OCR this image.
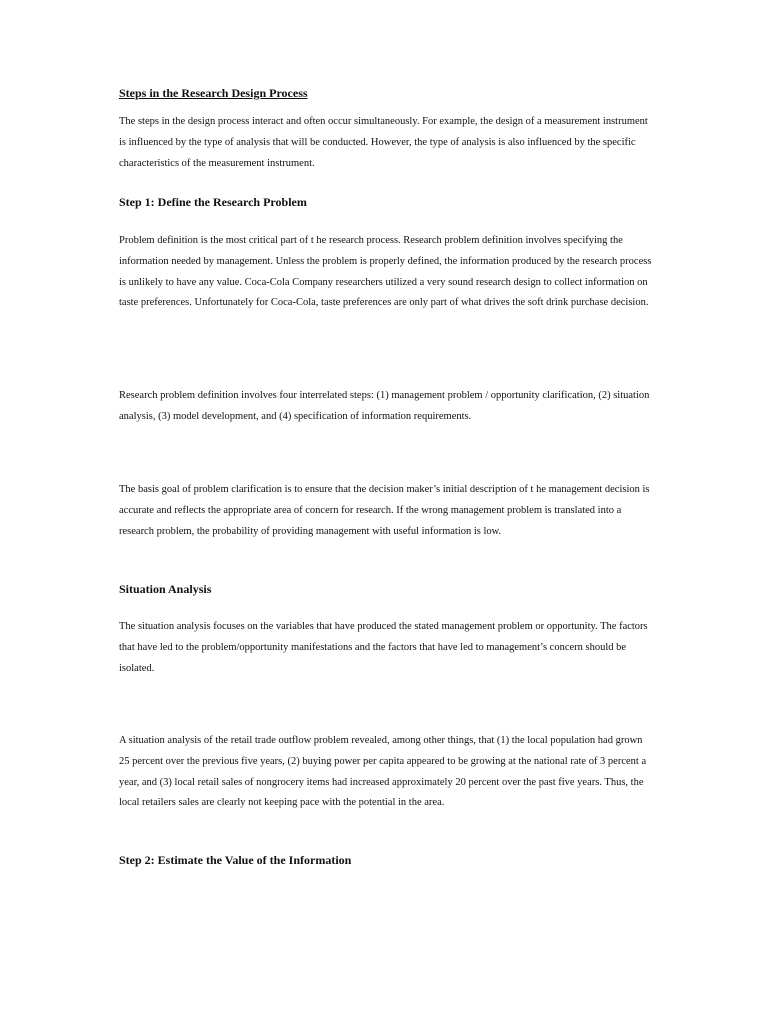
Steps in the Research Design Process
The steps in the design process interact and often occur simultaneously. For example, the design of a measurement instrument is influenced by the type of analysis that will be conducted. However, the type of analysis is also influenced by the specific characteristics of the measurement instrument.
Step 1: Define the Research Problem
Problem definition is the most critical part of t he research process. Research problem definition involves specifying the information needed by management. Unless the problem is properly defined, the information produced by the research process is unlikely to have any value. Coca-Cola Company researchers utilized a very sound research design to collect information on taste preferences. Unfortunately for Coca-Cola, taste preferences are only part of what drives the soft drink purchase decision.
Research problem definition involves four interrelated steps: (1) management problem / opportunity clarification, (2) situation analysis, (3) model development, and (4) specification of information requirements.
The basis goal of problem clarification is to ensure that the decision maker’s initial description of t he management decision is accurate and reflects the appropriate area of concern for research. If the wrong management problem is translated into a research problem, the probability of providing management with useful information is low.
Situation Analysis
The situation analysis focuses on the variables that have produced the stated management problem or opportunity. The factors that have led to the problem/opportunity manifestations and the factors that have led to management’s concern should be isolated.
A situation analysis of the retail trade outflow problem revealed, among other things, that (1) the local population had grown 25 percent over the previous five years, (2) buying power per capita appeared to be growing at the national rate of 3 percent a year, and (3) local retail sales of nongrocery items had increased approximately 20 percent over the past five years. Thus, the local retailers sales are clearly not keeping pace with the potential in the area.
Step 2: Estimate the Value of the Information
